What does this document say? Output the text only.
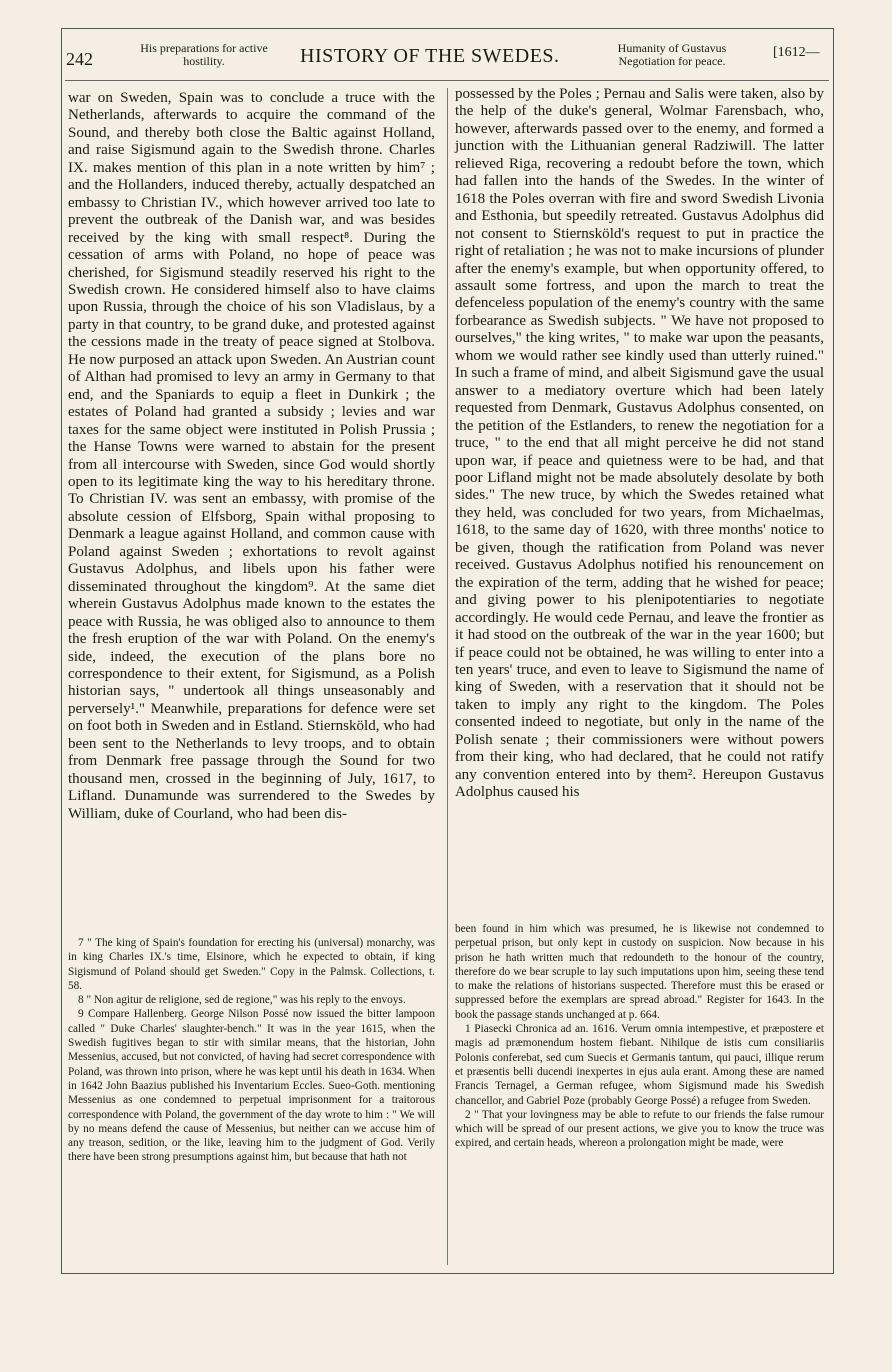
242
His preparations for active hostility.	HISTORY OF THE SWEDES.	Humanity of Gustavus Negotiation for peace.
[1612—

war on Sweden, Spain was to conclude a truce with the Netherlands, afterwards to acquire the command of the Sound, and thereby both close the Baltic against Holland, and raise Sigismund again to the Swedish throne. Charles IX. makes mention of this plan in a note written by him⁷ ; and the Hollanders, induced thereby, actually despatched an embassy to Christian IV., which however arrived too late to prevent the outbreak of the Danish war, and was besides received by the king with small respect⁸. During the cessation of arms with Poland, no hope of peace was cherished, for Sigismund steadily reserved his right to the Swedish crown. He considered himself also to have claims upon Russia, through the choice of his son Vladislaus, by a party in that country, to be grand duke, and protested against the cessions made in the treaty of peace signed at Stolbova. He now purposed an attack upon Sweden. An Austrian count of Althan had promised to levy an army in Germany to that end, and the Spaniards to equip a fleet in Dunkirk ; the estates of Poland had granted a subsidy ; levies and war taxes for the same object were instituted in Polish Prussia ; the Hanse Towns were warned to abstain for the present from all intercourse with Sweden, since God would shortly open to its legitimate king the way to his hereditary throne. To Christian IV. was sent an embassy, with promise of the absolute cession of Elfsborg, Spain withal proposing to Denmark a league against Holland, and common cause with Poland against Sweden ; exhortations to revolt against Gustavus Adolphus, and libels upon his father were disseminated throughout the kingdom⁹. At the same diet wherein Gustavus Adolphus made known to the estates the peace with Russia, he was obliged also to announce to them the fresh eruption of the war with Poland. On the enemy's side, indeed, the execution of the plans bore no correspondence to their extent, for Sigismund, as a Polish historian says, " undertook all things unseasonably and perversely¹." Meanwhile, preparations for defence were set on foot both in Sweden and in Estland. Stiernsköld, who had been sent to the Netherlands to levy troops, and to obtain from Denmark free passage through the Sound for two thousand men, crossed in the beginning of July, 1617, to Lifland. Dunamunde was surrendered to the Swedes by William, duke of Courland, who had been dis-

possessed by the Poles ; Pernau and Salis were taken, also by the help of the duke's general, Wolmar Farensbach, who, however, afterwards passed over to the enemy, and formed a junction with the Lithuanian general Radziwill. The latter relieved Riga, recovering a redoubt before the town, which had fallen into the hands of the Swedes. In the winter of 1618 the Poles overran with fire and sword Swedish Livonia and Esthonia, but speedily retreated. Gustavus Adolphus did not consent to Stiernsköld's request to put in practice the right of retaliation ; he was not to make incursions of plunder after the enemy's example, but when opportunity offered, to assault some fortress, and upon the march to treat the defenceless population of the enemy's country with the same forbearance as Swedish subjects. " We have not proposed to ourselves," the king writes, " to make war upon the peasants, whom we would rather see kindly used than utterly ruined." In such a frame of mind, and albeit Sigismund gave the usual answer to a mediatory overture which had been lately requested from Denmark, Gustavus Adolphus consented, on the petition of the Estlanders, to renew the negotiation for a truce, " to the end that all might perceive he did not stand upon war, if peace and quietness were to be had, and that poor Lifland might not be made absolutely desolate by both sides." The new truce, by which the Swedes retained what they held, was concluded for two years, from Michaelmas, 1618, to the same day of 1620, with three months' notice to be given, though the ratification from Poland was never received. Gustavus Adolphus notified his renouncement on the expiration of the term, adding that he wished for peace; and giving power to his plenipotentiaries to negotiate accordingly. He would cede Pernau, and leave the frontier as it had stood on the outbreak of the war in the year 1600; but if peace could not be obtained, he was willing to enter into a ten years' truce, and even to leave to Sigismund the name of king of Sweden, with a reservation that it should not be taken to imply any right to the kingdom. The Poles consented indeed to negotiate, but only in the name of the Polish senate ; their commissioners were without powers from their king, who had declared, that he could not ratify any convention entered into by them². Hereupon Gustavus Adolphus caused his

7 " The king of Spain's foundation for erecting his (universal) monarchy, was in king Charles IX.'s time, Elsinore, which he expected to obtain, if king Sigismund of Poland should get Sweden." Copy in the Palmsk. Collections, t. 58.

8 " Non agitur de religione, sed de regione," was his reply to the envoys.

9 Compare Hallenberg. George Nilson Possé now issued the bitter lampoon called " Duke Charles' slaughter-bench." It was in the year 1615, when the Swedish fugitives began to stir with similar means, that the historian, John Messenius, accused, but not convicted, of having had secret correspondence with Poland, was thrown into prison, where he was kept until his death in 1634. When in 1642 John Baazius published his Inventarium Eccles. Sueo-Goth. mentioning Messenius as one condemned to perpetual imprisonment for a traitorous correspondence with Poland, the government of the day wrote to him : " We will by no means defend the cause of Messenius, but neither can we accuse him of any treason, sedition, or the like, leaving him to the judgment of God. Verily there have been strong presumptions against him, but because that hath not

been found in him which was presumed, he is likewise not condemned to perpetual prison, but only kept in custody on suspicion. Now because in his prison he hath written much that redoundeth to the honour of the country, therefore do we bear scruple to lay such imputations upon him, seeing these tend to make the relations of historians suspected. Therefore must this be erased or suppressed before the exemplars are spread abroad." Register for 1643. In the book the passage stands unchanged at p. 664.

1 Piasecki Chronica ad an. 1616. Verum omnia intempestive, et præpostere et magis ad præmonendum hostem fiebant. Nihilque de istis cum consiliariis Polonis conferebat, sed cum Suecis et Germanis tantum, qui pauci, illique rerum et præsentis belli ducendi inexpertes in ejus aula erant. Among these are named Francis Ternagel, a German refugee, whom Sigismund made his Swedish chancellor, and Gabriel Poze (probably George Possé) a refugee from Sweden.

2 " That your lovingness may be able to refute to our friends the false rumour which will be spread of our present actions, we give you to know the truce was expired, and certain heads, whereon a prolongation might be made, were
